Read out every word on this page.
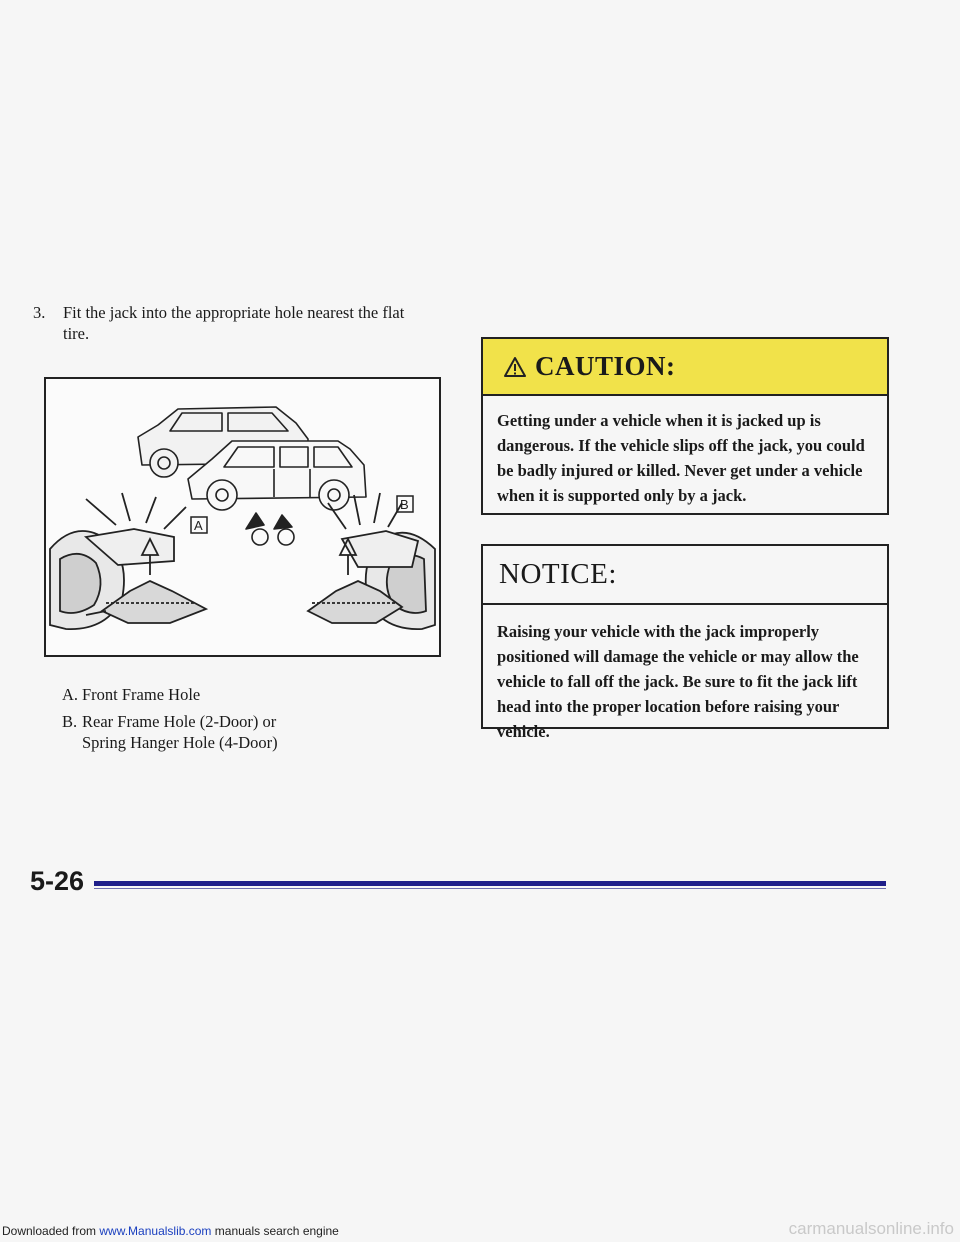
3. Fit the jack into the appropriate hole nearest the flat tire.
A
B
A. Front Frame Hole
B. Rear Frame Hole (2-Door) or
Spring Hanger Hole (4-Door)
CAUTION:
Getting under a vehicle when it is jacked up is dangerous. If the vehicle slips off the jack, you could be badly injured or killed. Never get under a vehicle when it is supported only by a jack.
NOTICE:
Raising your vehicle with the jack improperly positioned will damage the vehicle or may allow the vehicle to fall off the jack. Be sure to fit the jack lift head into the proper location before raising your vehicle.
5-26
Downloaded from www.Manualslib.com manuals search engine	carmanualsonline.info
